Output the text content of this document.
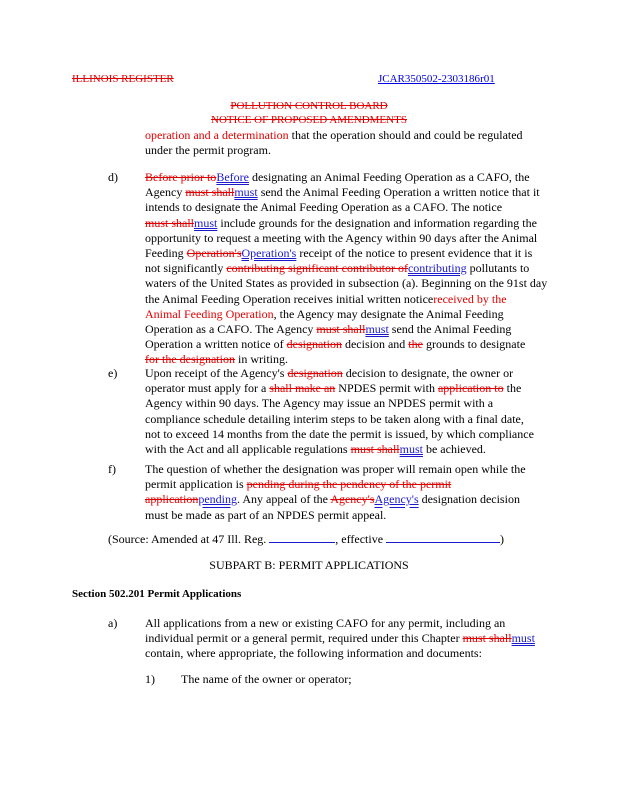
ILLINOIS REGISTER	JCAR350502-2303186r01
POLLUTION CONTROL BOARD
NOTICE OF PROPOSED AMENDMENTS
operation and a determination that the operation should and could be regulated
under the permit program.
d) Before prior toBefore designating an Animal Feeding Operation as a CAFO, the
Agency must shallmust send the Animal Feeding Operation a written notice that it
intends to designate the Animal Feeding Operation as a CAFO. The notice
must shallmust include grounds for the designation and information regarding the
opportunity to request a meeting with the Agency within 90 days after the Animal
Feeding Operation'sOperation's receipt of the notice to present evidence that it is
not significantly contributing significant contributor ofcontributing pollutants to
waters of the United States as provided in subsection (a). Beginning on the 91st day
the Animal Feeding Operation receives initial written noticereceived by the
Animal Feeding Operation, the Agency may designate the Animal Feeding
Operation as a CAFO. The Agency must shallmust send the Animal Feeding
Operation a written notice of designation decision and the grounds to designate
for the designation in writing.
e) Upon receipt of the Agency's designation decision to designate, the owner or
operator must apply for a shall make an NPDES permit with application to the
Agency within 90 days. The Agency may issue an NPDES permit with a
compliance schedule detailing interim steps to be taken along with a final date,
not to exceed 14 months from the date the permit is issued, by which compliance
with the Act and all applicable regulations must shallmust be achieved.
f) The question of whether the designation was proper will remain open while the
permit application is pending during the pendency of the permit
applicationpending. Any appeal of the Agency'sAgency's designation decision
must be made as part of an NPDES permit appeal.
(Source: Amended at 47 Ill. Reg.	, effective	)
SUBPART B: PERMIT APPLICATIONS
Section 502.201 Permit Applications
a) All applications from a new or existing CAFO for any permit, including an
individual permit or a general permit, required under this Chapter must shallmust
contain, where appropriate, the following information and documents:
1) The name of the owner or operator;
